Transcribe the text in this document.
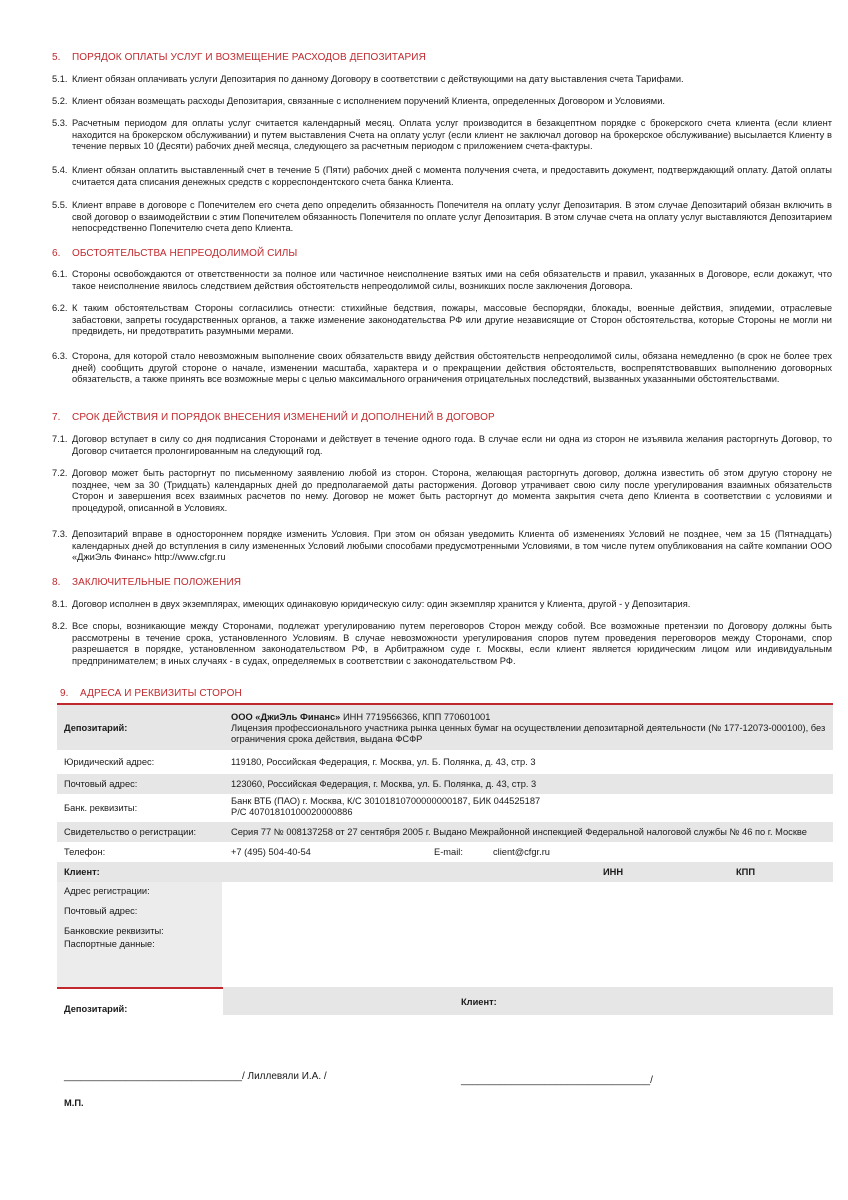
5. ПОРЯДОК ОПЛАТЫ УСЛУГ И ВОЗМЕЩЕНИЕ РАСХОДОВ ДЕПОЗИТАРИЯ
5.1. Клиент обязан оплачивать услуги Депозитария по данному Договору в соответствии с действующими на дату выставления счета Тарифами.
5.2. Клиент обязан возмещать расходы Депозитария, связанные с исполнением поручений Клиента, определенных Договором и Условиями.
5.3. Расчетным периодом для оплаты услуг считается календарный месяц. Оплата услуг производится в безакцептном порядке с брокерского счета клиента (если клиент находится на брокерском обслуживании) и путем выставления Счета на оплату услуг (если клиент не заключал договор на брокерское обслуживание) высылается Клиенту в течение первых 10 (Десяти) рабочих дней месяца, следующего за расчетным периодом с приложением счета-фактуры.
5.4. Клиент обязан оплатить выставленный счет в течение 5 (Пяти) рабочих дней с момента получения счета, и предоставить документ, подтверждающий оплату. Датой оплаты считается дата списания денежных средств с корреспондентского счета банка Клиента.
5.5. Клиент вправе в договоре с Попечителем его счета депо определить обязанность Попечителя на оплату услуг Депозитария. В этом случае Депозитарий обязан включить в свой договор о взаимодействии с этим Попечителем обязанность Попечителя по оплате услуг Депозитария. В этом случае счета на оплату услуг выставляются Депозитарием непосредственно Попечителю счета депо Клиента.
6. ОБСТОЯТЕЛЬСТВА НЕПРЕОДОЛИМОЙ СИЛЫ
6.1. Стороны освобождаются от ответственности за полное или частичное неисполнение взятых ими на себя обязательств и правил, указанных в Договоре, если докажут, что такое неисполнение явилось следствием действия обстоятельств непреодолимой силы, возникших после заключения Договора.
6.2. К таким обстоятельствам Стороны согласились отнести: стихийные бедствия, пожары, массовые беспорядки, блокады, военные действия, эпидемии, отраслевые забастовки, запреты государственных органов, а также изменение законодательства РФ или другие независящие от Сторон обстоятельства, которые Стороны не могли ни предвидеть, ни предотвратить разумными мерами.
6.3. Сторона, для которой стало невозможным выполнение своих обязательств ввиду действия обстоятельств непреодолимой силы, обязана немедленно (в срок не более трех дней) сообщить другой стороне о начале, изменении масштаба, характера и о прекращении действия обстоятельств, воспрепятствовавших выполнению договорных обязательств, а также принять все возможные меры с целью максимального ограничения отрицательных последствий, вызванных указанными обстоятельствами.
7. СРОК ДЕЙСТВИЯ И ПОРЯДОК ВНЕСЕНИЯ ИЗМЕНЕНИЙ И ДОПОЛНЕНИЙ В ДОГОВОР
7.1. Договор вступает в силу со дня подписания Сторонами и действует в течение одного года. В случае если ни одна из сторон не изъявила желания расторгнуть Договор, то Договор считается пролонгированным на следующий год.
7.2. Договор может быть расторгнут по письменному заявлению любой из сторон. Сторона, желающая расторгнуть договор, должна известить об этом другую сторону не позднее, чем за 30 (Тридцать) календарных дней до предполагаемой даты расторжения. Договор утрачивает свою силу после урегулирования взаимных обязательств Сторон и завершения всех взаимных расчетов по нему. Договор не может быть расторгнут до момента закрытия счета депо Клиента в соответствии с условиями и процедурой, описанной в Условиях.
7.3. Депозитарий вправе в одностороннем порядке изменить Условия. При этом он обязан уведомить Клиента об изменениях Условий не позднее, чем за 15 (Пятнадцать) календарных дней до вступления в силу измененных Условий любыми способами предусмотренными Условиями, в том числе путем опубликования на сайте компании ООО «ДжиЭль Финанс» http://www.cfgr.ru
8. ЗАКЛЮЧИТЕЛЬНЫЕ ПОЛОЖЕНИЯ
8.1. Договор исполнен в двух экземплярах, имеющих одинаковую юридическую силу: один экземпляр хранится у Клиента, другой - у Депозитария.
8.2. Все споры, возникающие между Сторонами, подлежат урегулированию путем переговоров Сторон между собой. Все возможные претензии по Договору должны быть рассмотрены в течение срока, установленного Условиям. В случае невозможности урегулирования споров путем проведения переговоров между Сторонами, спор разрешается в порядке, установленном законодательством РФ, в Арбитражном суде г. Москвы, если клиент является юридическим лицом или индивидуальным предпринимателем; в иных случаях - в судах, определяемых в соответствии с законодательством РФ.
9. АДРЕСА И РЕКВИЗИТЫ СТОРОН
Депозитарий:
ООО «ДжиЭль Финанс» ИНН 7719566366, КПП 770601001
Лицензия профессионального участника рынка ценных бумаг на осуществлении депозитарной деятельности (№ 177-12073-000100), без ограничения срока действия, выдана ФСФР
Юридический адрес:	119180, Российская Федерация, г. Москва, ул. Б. Полянка, д. 43, стр. 3
Почтовый адрес:	123060, Российская Федерация, г. Москва, ул. Б. Полянка, д. 43, стр. 3
Банк. реквизиты:
Банк ВТБ (ПАО) г. Москва, К/С 30101810700000000187, БИК 044525187
Р/С 40701810100020000886
Свидетельство о регистрации:	Серия 77 № 008137258 от 27 сентября 2005 г. Выдано Межрайонной инспекцией Федеральной налоговой службы № 46 по г. Москве
Телефон:	+7 (495) 504-40-54	E-mail:	client@cfgr.ru
Клиент:	ИНН	КПП
Адрес регистрации:
Почтовый адрес:
Банковские реквизиты:
Паспортные данные:
Депозитарий:
Клиент:
________________________________/ Лиллевяли И.А. /	__________________________________/
М.П.
